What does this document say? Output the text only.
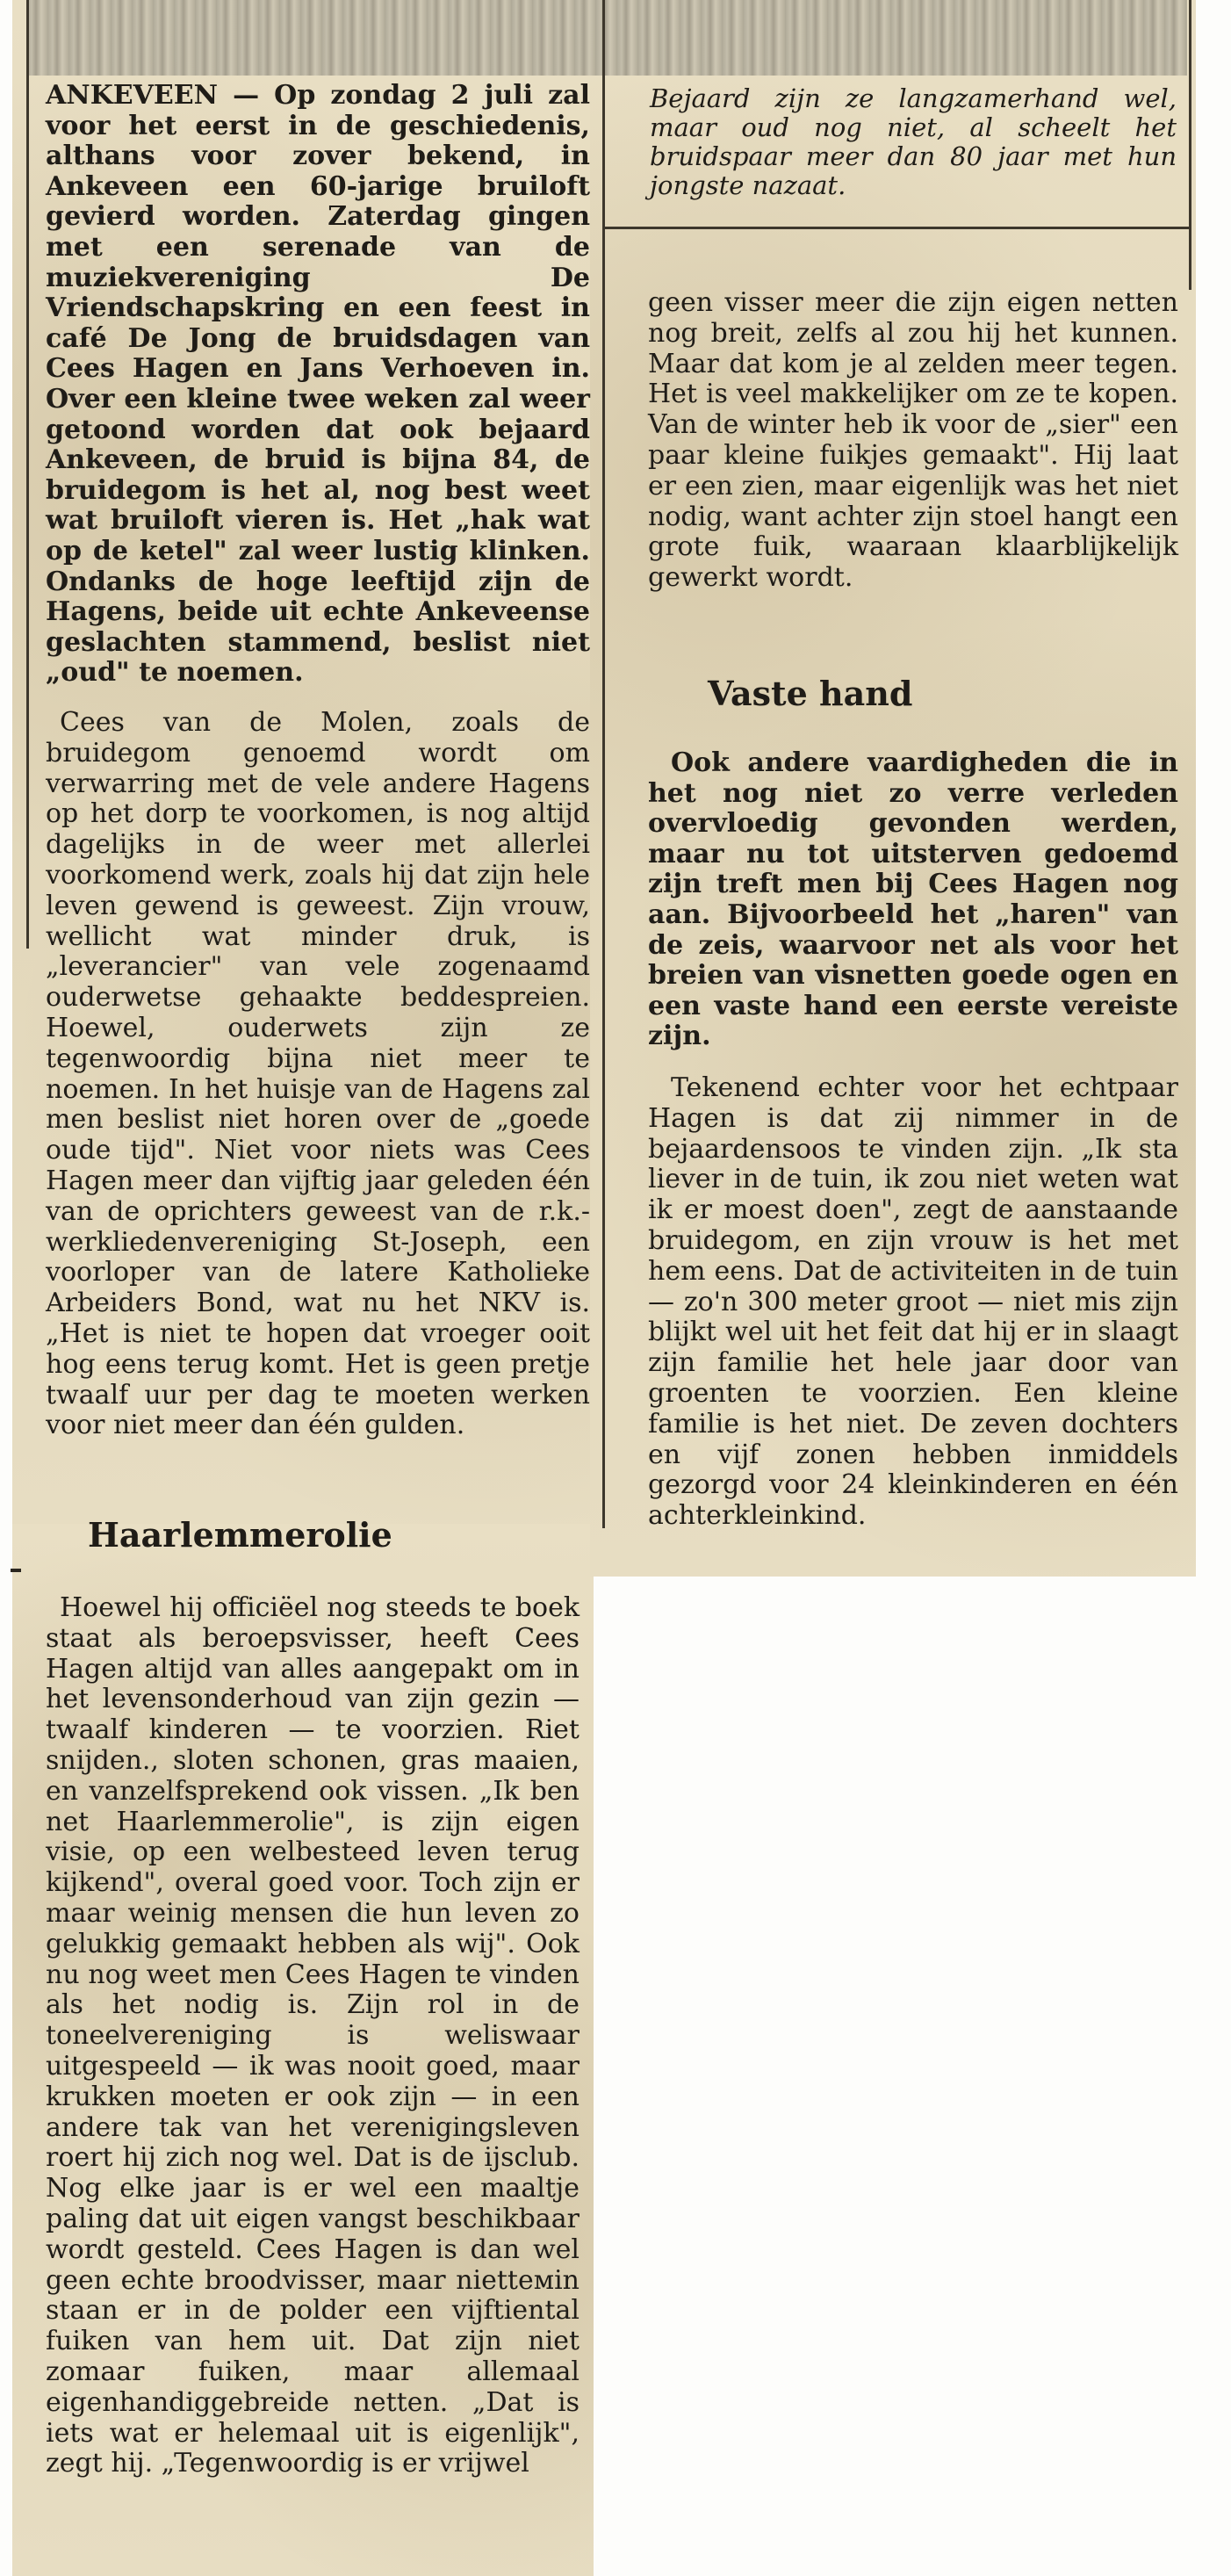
ANKEVEEN — Op zondag 2 juli zal voor het eerst in de geschiedenis, althans voor zover bekend, in Ankeveen een 60-jarige bruiloft gevierd worden. Zaterdag gingen met een serenade van de muziekvereniging De Vriendschapskring en een feest in café De Jong de bruidsdagen van Cees Hagen en Jans Verhoeven in. Over een kleine twee weken zal weer getoond worden dat ook bejaard Ankeveen, de bruid is bijna 84, de bruidegom is het al, nog best weet wat bruiloft vieren is. Het „hak wat op de ketel" zal weer lustig klinken. Ondanks de hoge leeftijd zijn de Hagens, beide uit echte Ankeveense geslachten stammend, beslist niet „oud" te noemen.
Cees van de Molen, zoals de bruidegom genoemd wordt om verwarring met de vele andere Hagens op het dorp te voorkomen, is nog altijd dagelijks in de weer met allerlei voorkomend werk, zoals hij dat zijn hele leven gewend is geweest. Zijn vrouw, wellicht wat minder druk, is „leverancier" van vele zogenaamd ouderwetse gehaakte beddespreien. Hoewel, ouderwets zijn ze tegenwoordig bijna niet meer te noemen. In het huisje van de Hagens zal men beslist niet horen over de „goede oude tijd". Niet voor niets was Cees Hagen meer dan vijftig jaar geleden één van de oprichters geweest van de r.k.-werkliedenvereniging St-Joseph, een voorloper van de latere Katholieke Arbeiders Bond, wat nu het NKV is. „Het is niet te hopen dat vroeger ooit hog eens terug komt. Het is geen pretje twaalf uur per dag te moeten werken voor niet meer dan één gulden.
Haarlemmerolie
Hoewel hij officiëel nog steeds te boek staat als beroepsvisser, heeft Cees Hagen altijd van alles aangepakt om in het levensonderhoud van zijn gezin — twaalf kinderen — te voorzien. Riet snijden., sloten schonen, gras maaien, en vanzelfsprekend ook vissen. „Ik ben net Haarlemmerolie", is zijn eigen visie, op een welbesteed leven terug kijkend", overal goed voor. Toch zijn er maar weinig mensen die hun leven zo gelukkig gemaakt hebben als wij". Ook nu nog weet men Cees Hagen te vinden als het nodig is. Zijn rol in de toneelvereniging is weliswaar uitgespeeld — ik was nooit goed, maar krukken moeten er ook zijn — in een andere tak van het verenigingsleven roert hij zich nog wel. Dat is de ijsclub. Nog elke jaar is er wel een maaltje paling dat uit eigen vangst beschikbaar wordt gesteld. Cees Hagen is dan wel geen echte broodvisser, maar nietteмin staan er in de polder een vijftiental fuiken van hem uit. Dat zijn niet zomaar fuiken, maar allemaal eigenhandiggebreide netten. „Dat is iets wat er helemaal uit is eigenlijk", zegt hij. „Tegenwoordig is er vrijwel
Bejaard zijn ze langzamerhand wel, maar oud nog niet, al scheelt het bruidspaar meer dan 80 jaar met hun jongste nazaat.
geen visser meer die zijn eigen netten nog breit, zelfs al zou hij het kunnen. Maar dat kom je al zelden meer tegen. Het is veel makkelijker om ze te kopen. Van de winter heb ik voor de „sier" een paar kleine fuikjes gemaakt". Hij laat er een zien, maar eigenlijk was het niet nodig, want achter zijn stoel hangt een grote fuik, waaraan klaarblijkelijk gewerkt wordt.
Vaste hand
Ook andere vaardigheden die in het nog niet zo verre verleden overvloedig gevonden werden, maar nu tot uitsterven gedoemd zijn treft men bij Cees Hagen nog aan. Bijvoorbeeld het „haren" van de zeis, waarvoor net als voor het breien van visnetten goede ogen en een vaste hand een eerste vereiste zijn.
Tekenend echter voor het echtpaar Hagen is dat zij nimmer in de bejaardensoos te vinden zijn. „Ik sta liever in de tuin, ik zou niet weten wat ik er moest doen", zegt de aanstaande bruidegom, en zijn vrouw is het met hem eens. Dat de activiteiten in de tuin — zo'n 300 meter groot — niet mis zijn blijkt wel uit het feit dat hij er in slaagt zijn familie het hele jaar door van groenten te voorzien. Een kleine familie is het niet. De zeven dochters en vijf zonen hebben inmiddels gezorgd voor 24 kleinkinderen en één achterkleinkind.
